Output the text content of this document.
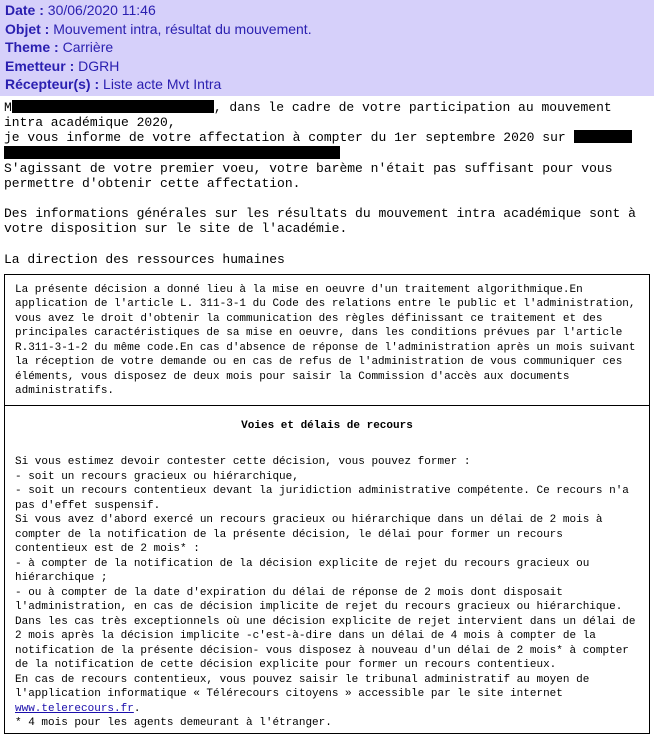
Date : 30/06/2020 11:46
Objet : Mouvement intra, résultat du mouvement.
Theme : Carrière
Emetteur : DGRH
Récepteur(s) : Liste acte Mvt Intra
M	, dans le cadre de votre participation au mouvement
intra académique 2020,
je vous informe de votre affectation à compter du 1er septembre 2020 sur
S'agissant de votre premier voeu, votre barème n'était pas suffisant pour vous
permettre d'obtenir cette affectation.
Des informations générales sur les résultats du mouvement intra académique sont à
votre disposition sur le site de l'académie.
La direction des ressources humaines
La présente décision a donné lieu à la mise en oeuvre d'un traitement algorithmique.En application de l'article L. 311-3-1 du Code des relations entre le public et l'administration, vous avez le droit d'obtenir la communication des règles définissant ce traitement et des principales caractéristiques de sa mise en oeuvre, dans les conditions prévues par l'article R.311-3-1-2 du même code.En cas d'absence de réponse de l'administration après un mois suivant la réception de votre demande ou en cas de refus de l'administration de vous communiquer ces éléments, vous disposez de deux mois pour saisir la Commission d'accès aux documents administratifs.
Voies et délais de recours

Si vous estimez devoir contester cette décision, vous pouvez former :

- soit un recours gracieux ou hiérarchique,

- soit un recours contentieux devant la juridiction administrative compétente. Ce recours n'a pas d'effet suspensif.

Si vous avez d'abord exercé un recours gracieux ou hiérarchique dans un délai de 2 mois à compter de la notification de la présente décision, le délai pour former un recours contentieux est de 2 mois* :

- à compter de la notification de la décision explicite de rejet du recours gracieux ou hiérarchique ;

- ou à compter de la date d'expiration du délai de réponse de 2 mois dont disposait l'administration, en cas de décision implicite de rejet du recours gracieux ou hiérarchique.

Dans les cas très exceptionnels où une décision explicite de rejet intervient dans un délai de 2 mois après la décision implicite -c'est-à-dire dans un délai de 4 mois à compter de la notification de la présente décision- vous disposez à nouveau d'un délai de 2 mois* à compter de la notification de cette décision explicite pour former un recours contentieux.

En cas de recours contentieux, vous pouvez saisir le tribunal administratif au moyen de l'application informatique « Télérecours citoyens » accessible par le site internet

www.telerecours.fr.

* 4 mois pour les agents demeurant à l'étranger.
